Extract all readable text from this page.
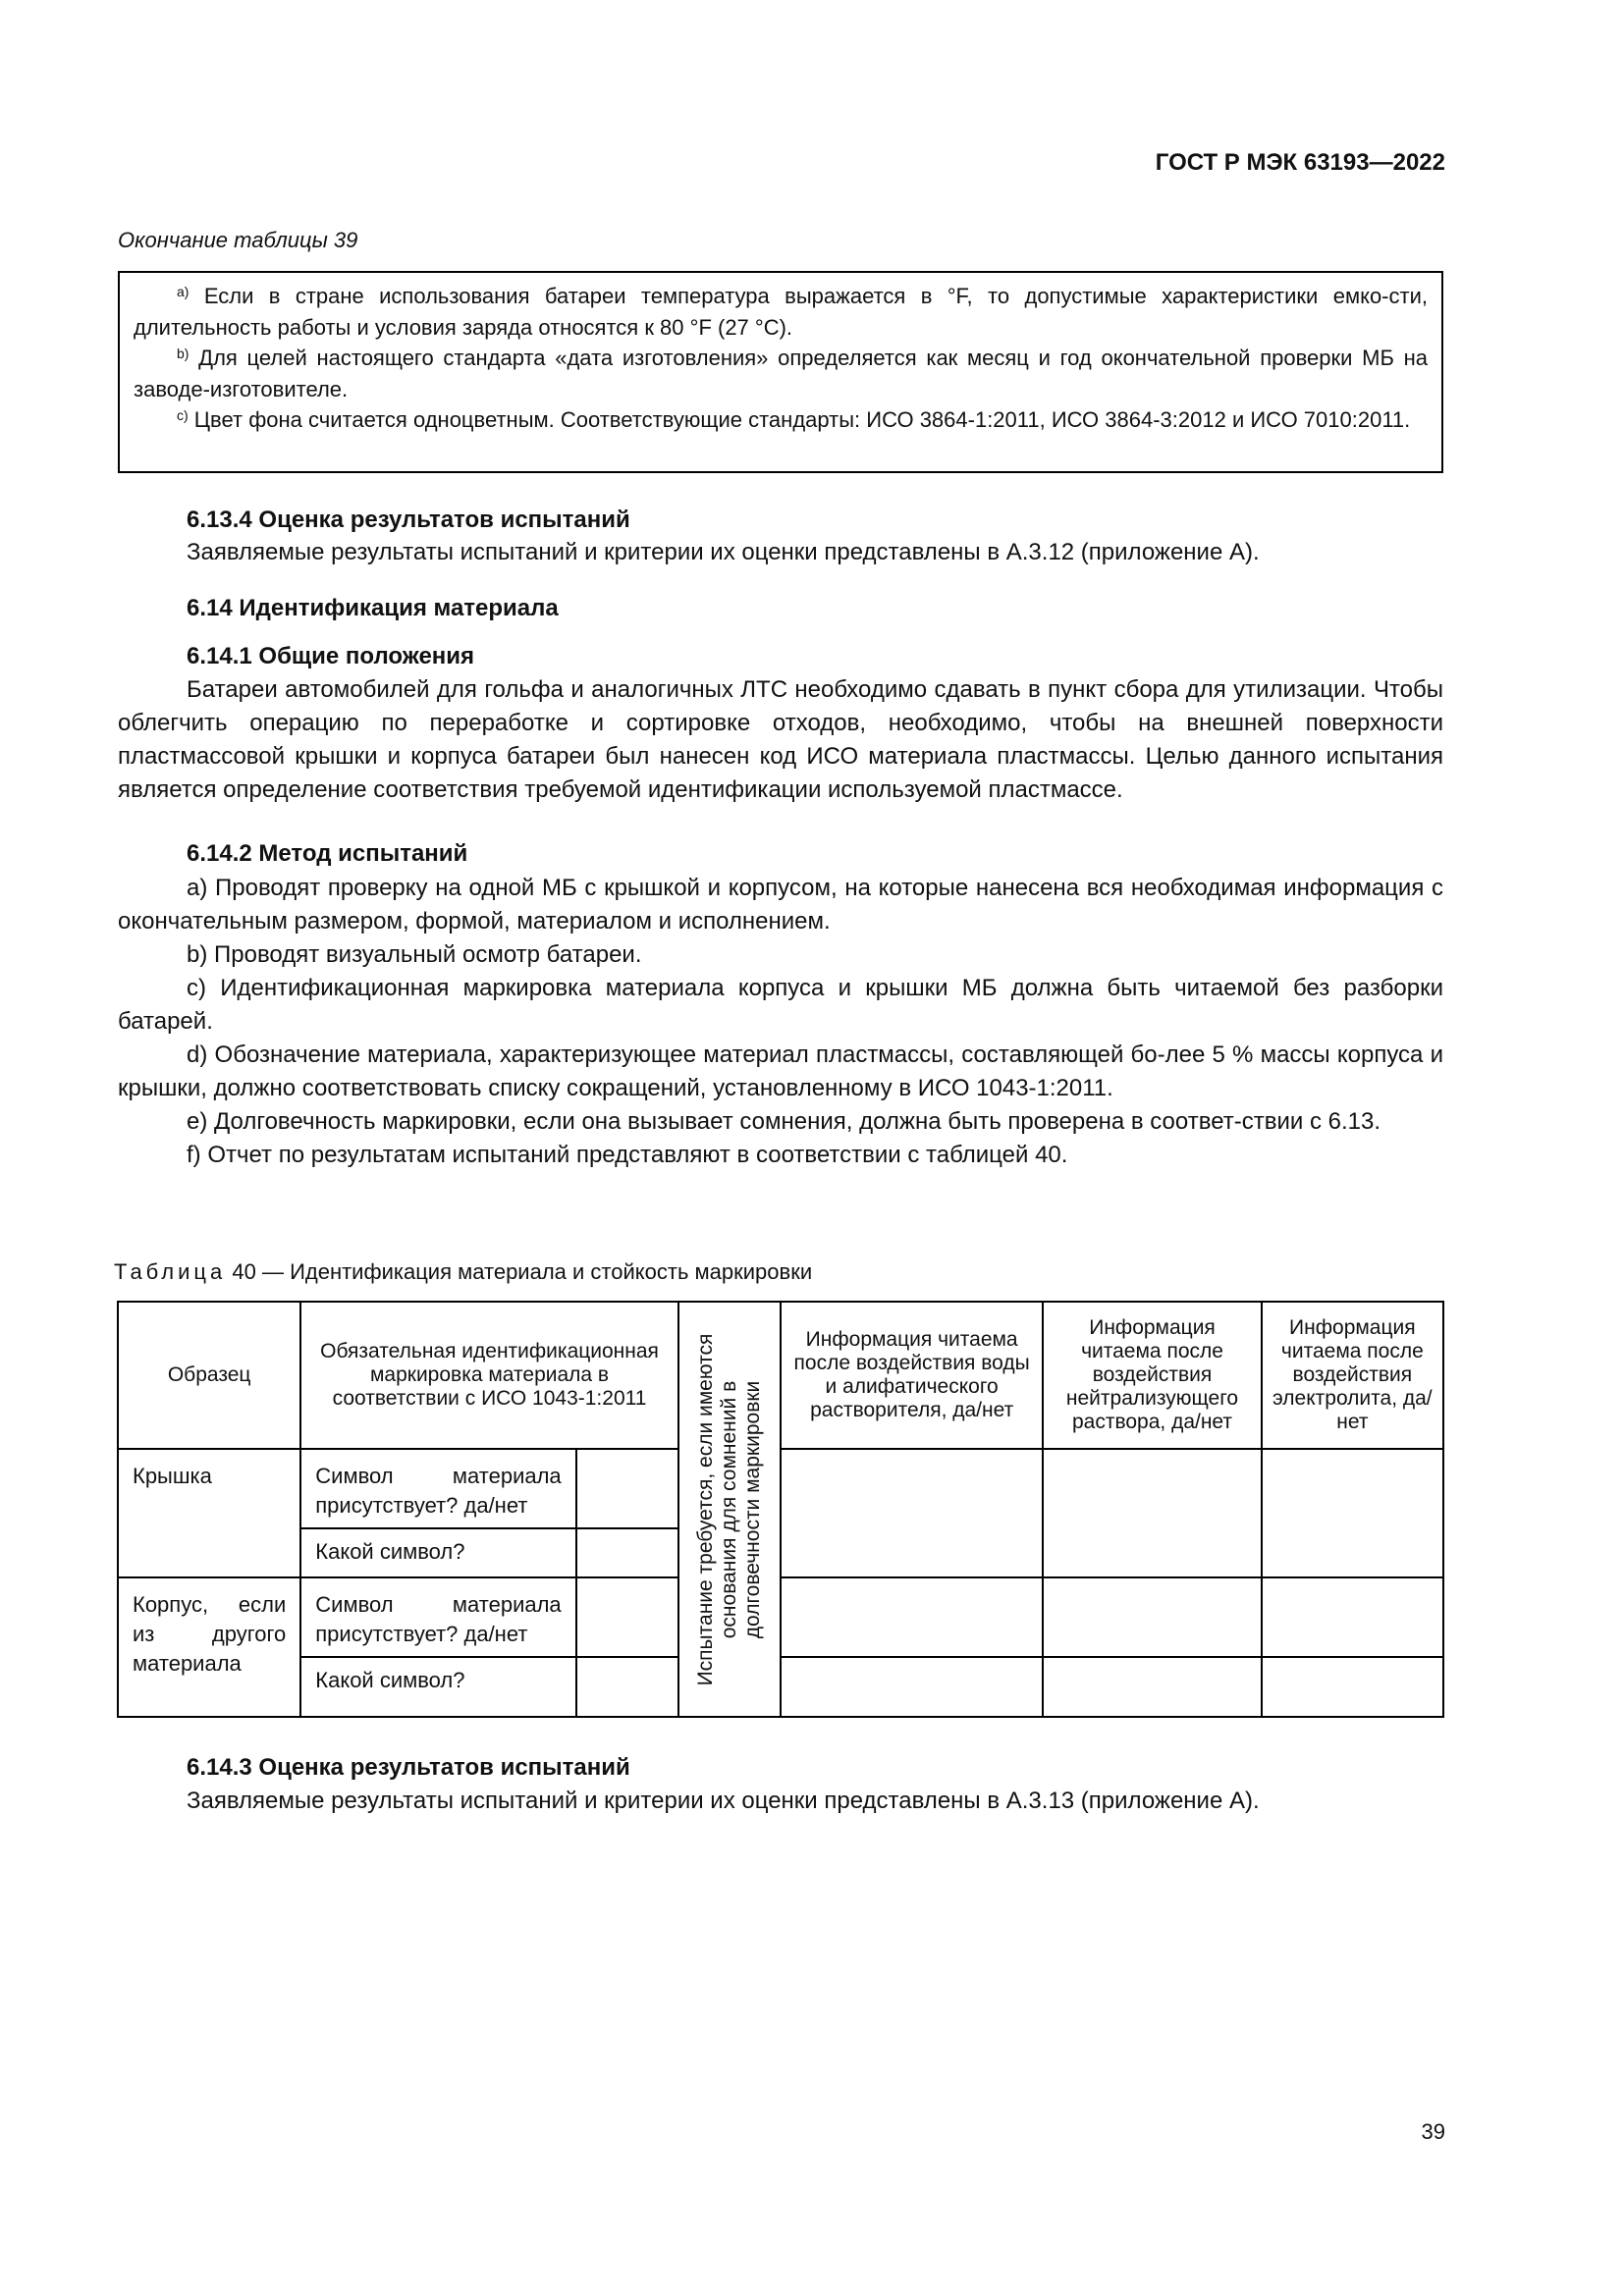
ГОСТ Р МЭК 63193—2022
Окончание таблицы 39

$^{a)}$ Если в стране использования батареи температура выражается в °F, то допустимые характеристики емко-сти, длительность работы и условия заряда относятся к 80 °F (27 °С).

$^{b)}$ Для целей настоящего стандарта «дата изготовления» определяется как месяц и год окончательной проверки МБ на заводе-изготовителе.

$^{c)}$ Цвет фона считается одноцветным. Соответствующие стандарты: ИСО 3864-1:2011, ИСО 3864-3:2012 и ИСО 7010:2011.

6.13.4 Оценка результатов испытаний
Заявляемые результаты испытаний и критерии их оценки представлены в А.3.12 (приложение А).
6.14 Идентификация материала
6.14.1 Общие положения

Батареи автомобилей для гольфа и аналогичных ЛТС необходимо сдавать в пункт сбора для утилизации. Чтобы облегчить операцию по переработке и сортировке отходов, необходимо, чтобы на внешней поверхности пластмассовой крышки и корпуса батареи был нанесен код ИСО материала пластмассы. Целью данного испытания является определение соответствия требуемой идентификации используемой пластмассе.

6.14.2 Метод испытаний

a) Проводят проверку на одной МБ с крышкой и корпусом, на которые нанесена вся необходимая информация с окончательным размером, формой, материалом и исполнением.

b) Проводят визуальный осмотр батареи.

c) Идентификационная маркировка материала корпуса и крышки МБ должна быть читаемой без разборки батарей.

d) Обозначение материала, характеризующее материал пластмассы, составляющей бо-лее 5 % массы корпуса и крышки, должно соответствовать списку сокращений, установленному в ИСО 1043-1:2011.

e) Долговечность маркировки, если она вызывает сомнения, должна быть проверена в соответ-ствии с 6.13.

f) Отчет по результатам испытаний представляют в соответствии с таблицей 40.

Таблица 40 — Идентификация материала и стойкость маркировки
Образец	Обязательная идентификационная маркировка материала в соответствии с ИСО 1043-1:2011		Испытание требуется, если имеются основания для сомнений в долговечности маркировки	Информация читаема после воздействия воды и алифатического растворителя, да/нет	Информация читаема после воздействия нейтрализующего раствора, да/нет	Информация читаема после воздействия электролита, да/нет

Крышка	Символ материала присутствует? да/нет					

	Какой символ?					

Корпус, если из другого материала	Символ материала присутствует? да/нет					

	Какой символ?					

6.14.3 Оценка результатов испытаний
Заявляемые результаты испытаний и критерии их оценки представлены в А.3.13 (приложение А).
39
